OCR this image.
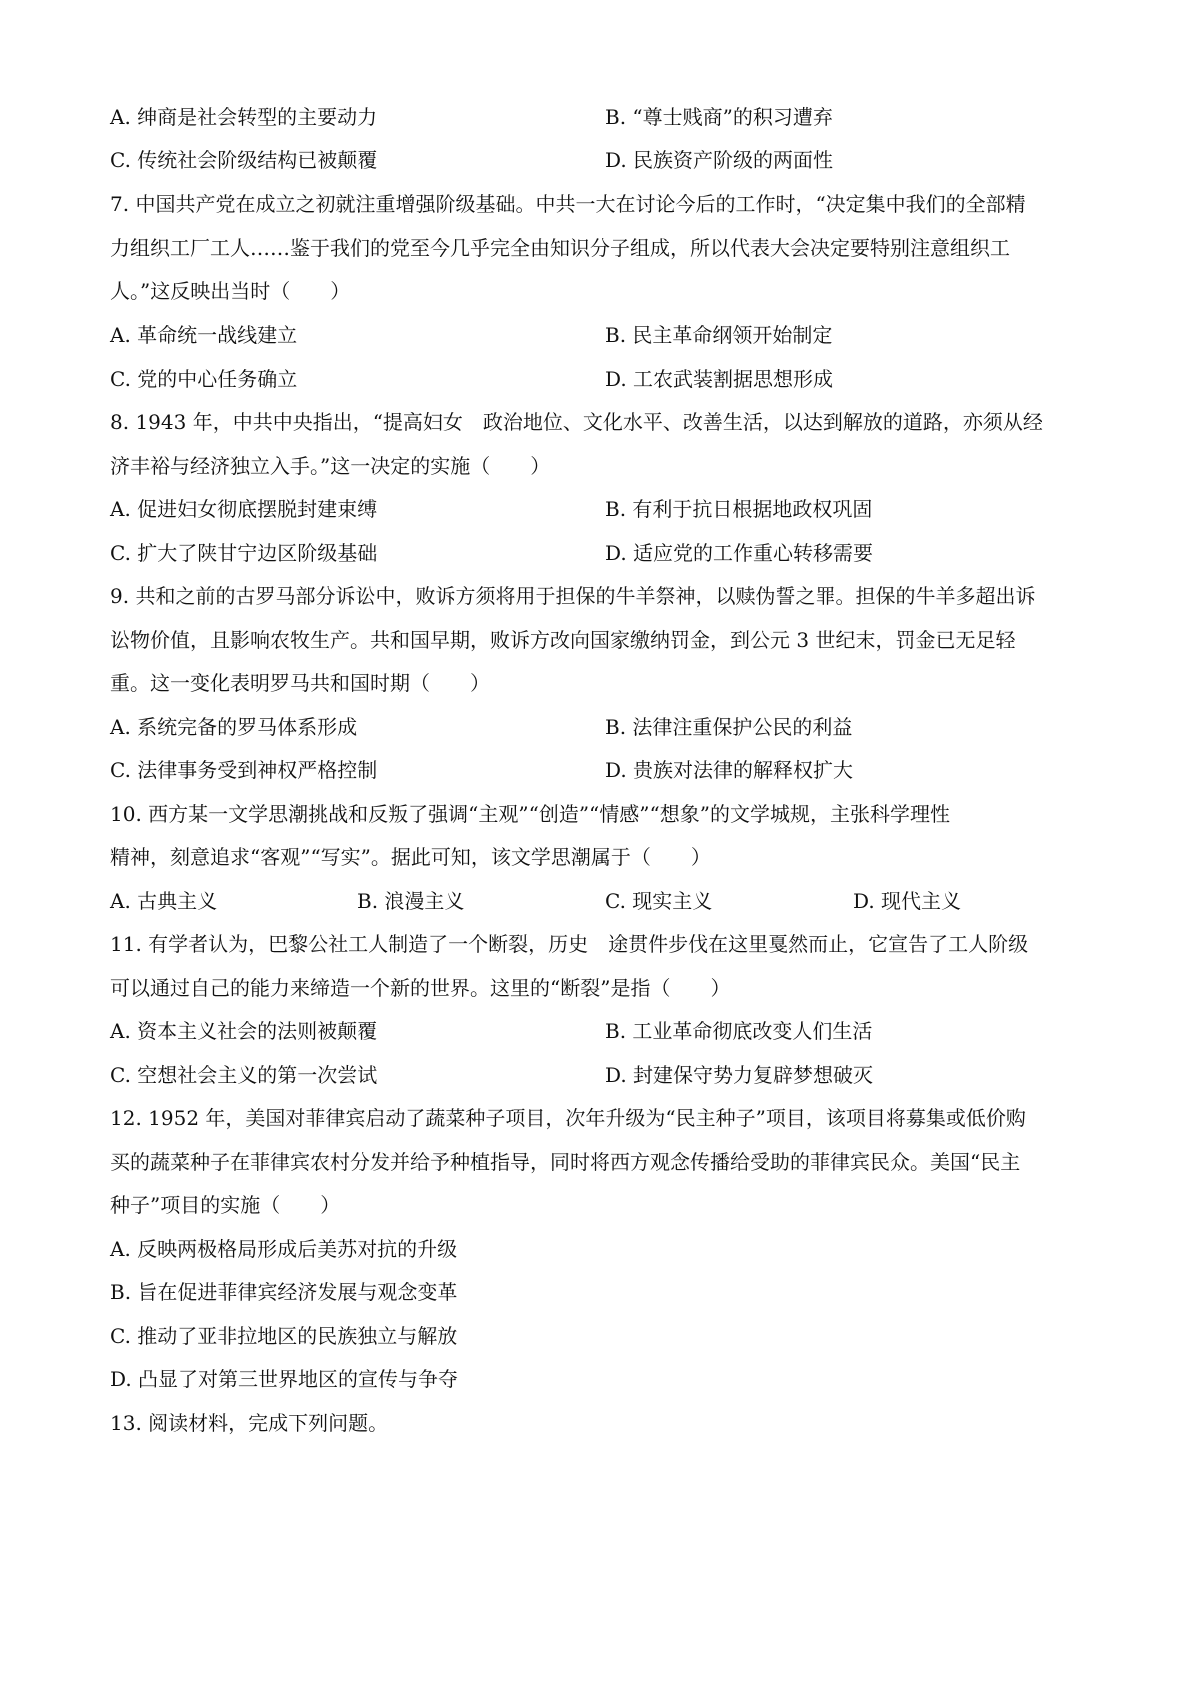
A. 绅商是社会转型的主要动力	B. “尊士贱商”的积习遭弃
C. 传统社会阶级结构已被颠覆	D. 民族资产阶级的两面性
7. 中国共产党在成立之初就注重增强阶级基础。中共一大在讨论今后的工作时，“决定集中我们的全部精
力组织工厂工人……鉴于我们的党至今几乎完全由知识分子组成，所以代表大会决定要特别注意组织工
人。”这反映出当时（　　）
A. 革命统一战线建立	B. 民主革命纲领开始制定
C. 党的中心任务确立	D. 工农武装割据思想形成
8. 1943 年，中共中央指出，“提高妇女　政治地位、文化水平、改善生活，以达到解放的道路，亦须从经
济丰裕与经济独立入手。”这一决定的实施（　　）
A. 促进妇女彻底摆脱封建束缚	B. 有利于抗日根据地政权巩固
C. 扩大了陕甘宁边区阶级基础	D. 适应党的工作重心转移需要
9. 共和之前的古罗马部分诉讼中，败诉方须将用于担保的牛羊祭神，以赎伪誓之罪。担保的牛羊多超出诉
讼物价值，且影响农牧生产。共和国早期，败诉方改向国家缴纳罚金，到公元 3 世纪末，罚金已无足轻
重。这一变化表明罗马共和国时期（　　）
A. 系统完备的罗马体系形成	B. 法律注重保护公民的利益
C. 法律事务受到神权严格控制	D. 贵族对法律的解释权扩大
10. 西方某一文学思潮挑战和反叛了强调“主观”“创造”“情感”“想象”的文学城规，主张科学理性
精神，刻意追求“客观”“写实”。据此可知，该文学思潮属于（　　）
A. 古典主义	B. 浪漫主义	C. 现实主义	D. 现代主义
11. 有学者认为，巴黎公社工人制造了一个断裂，历史　途贯件步伐在这里戛然而止，它宣告了工人阶级
可以通过自己的能力来缔造一个新的世界。这里的“断裂”是指（　　）
A. 资本主义社会的法则被颠覆	B. 工业革命彻底改变人们生活
C. 空想社会主义的第一次尝试	D. 封建保守势力复辟梦想破灭
12. 1952 年，美国对菲律宾启动了蔬菜种子项目，次年升级为“民主种子”项目，该项目将募集或低价购
买的蔬菜种子在菲律宾农村分发并给予种植指导，同时将西方观念传播给受助的菲律宾民众。美国“民主
种子”项目的实施（　　）
A. 反映两极格局形成后美苏对抗的升级
B. 旨在促进菲律宾经济发展与观念变革
C. 推动了亚非拉地区的民族独立与解放
D. 凸显了对第三世界地区的宣传与争夺
13. 阅读材料，完成下列问题。
